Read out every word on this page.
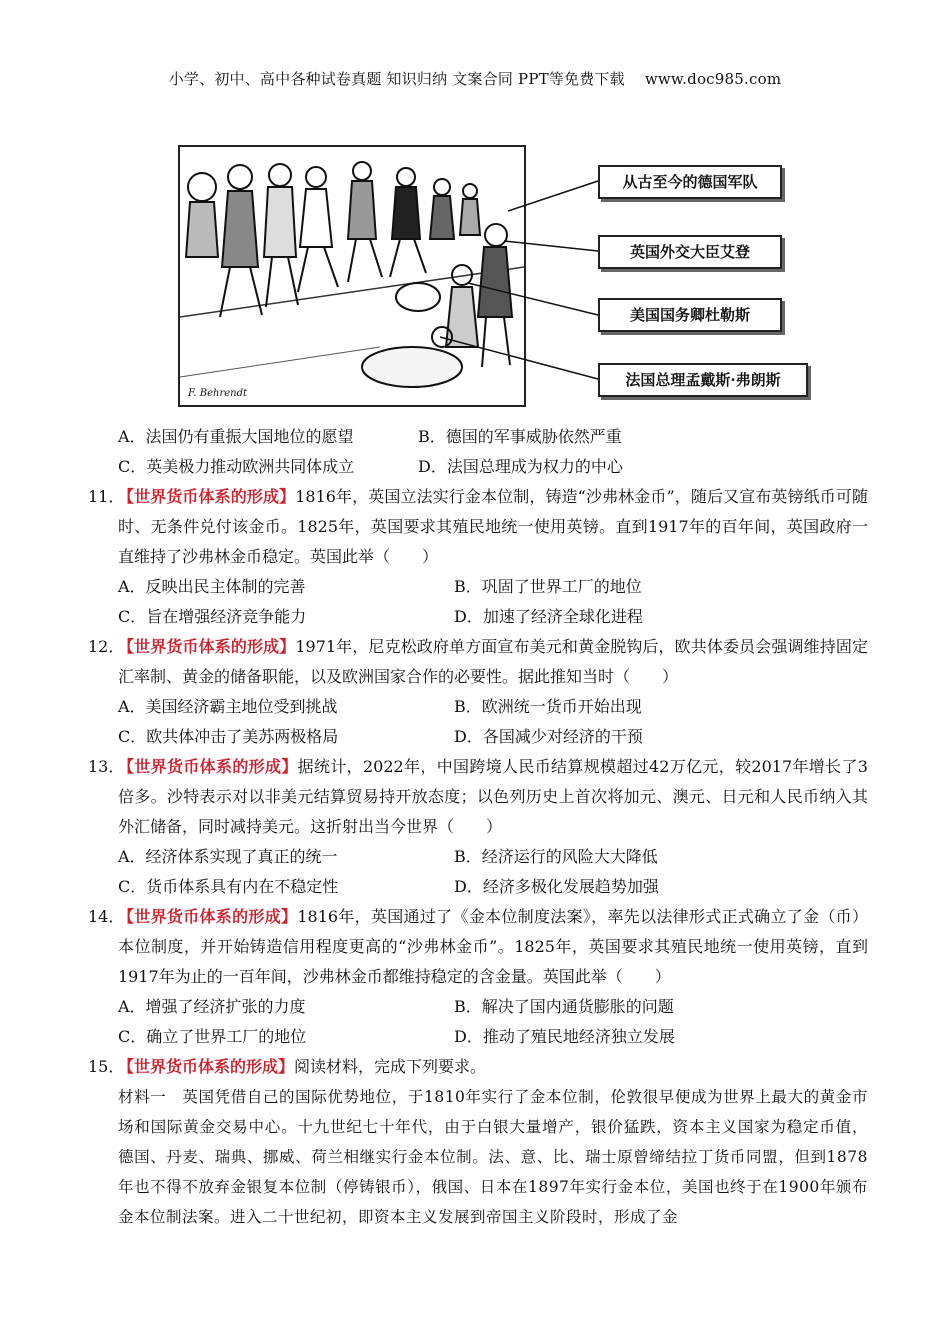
小学、初中、高中各种试卷真题 知识归纳 文案合同 PPT等免费下载 www.doc985.com
F. Behrendt
从古至今的德国军队
英国外交大臣艾登
美国国务卿杜勒斯
法国总理孟戴斯·弗朗斯
A．法国仍有重振大国地位的愿望	B．德国的军事威胁依然严重
C．英美极力推动欧洲共同体成立	D．法国总理成为权力的中心
11．
【世界货币体系的形成】1816年，英国立法实行金本位制，铸造“沙弗林金币”，随后又宣布英镑纸币可随时、无条件兑付该金币。1825年，英国要求其殖民地统一使用英镑。直到1917年的百年间，英国政府一直维持了沙弗林金币稳定。英国此举（　　）
A．反映出民主体制的完善	B．巩固了世界工厂的地位
C．旨在增强经济竞争能力	D．加速了经济全球化进程
12．
【世界货币体系的形成】1971年，尼克松政府单方面宣布美元和黄金脱钩后，欧共体委员会强调维持固定汇率制、黄金的储备职能，以及欧洲国家合作的必要性。据此推知当时（　　）
A．美国经济霸主地位受到挑战	B．欧洲统一货币开始出现
C．欧共体冲击了美苏两极格局	D．各国减少对经济的干预
13．
【世界货币体系的形成】据统计，2022年，中国跨境人民币结算规模超过42万亿元，较2017年增长了3倍多。沙特表示对以非美元结算贸易持开放态度；以色列历史上首次将加元、澳元、日元和人民币纳入其外汇储备，同时减持美元。这折射出当今世界（　　）
A．经济体系实现了真正的统一	B．经济运行的风险大大降低
C．货币体系具有内在不稳定性	D．经济多极化发展趋势加强
14．
【世界货币体系的形成】1816年，英国通过了《金本位制度法案》，率先以法律形式正式确立了金（币）本位制度，并开始铸造信用程度更高的“沙弗林金币”。1825年，英国要求其殖民地统一使用英镑，直到1917年为止的一百年间，沙弗林金币都维持稳定的含金量。英国此举（　　）
A．增强了经济扩张的力度	B．解决了国内通货膨胀的问题
C．确立了世界工厂的地位	D．推动了殖民地经济独立发展
15．
【世界货币体系的形成】阅读材料，完成下列要求。
材料一　英国凭借自己的国际优势地位，于1810年实行了金本位制，伦敦很早便成为世界上最大的黄金市场和国际黄金交易中心。十九世纪七十年代，由于白银大量增产，银价猛跌，资本主义国家为稳定币值，德国、丹麦、瑞典、挪威、荷兰相继实行金本位制。法、意、比、瑞士原曾缔结拉丁货币同盟，但到1878年也不得不放弃金银复本位制（停铸银币），俄国、日本在1897年实行金本位，美国也终于在1900年颁布金本位制法案。进入二十世纪初，即资本主义发展到帝国主义阶段时，形成了金
